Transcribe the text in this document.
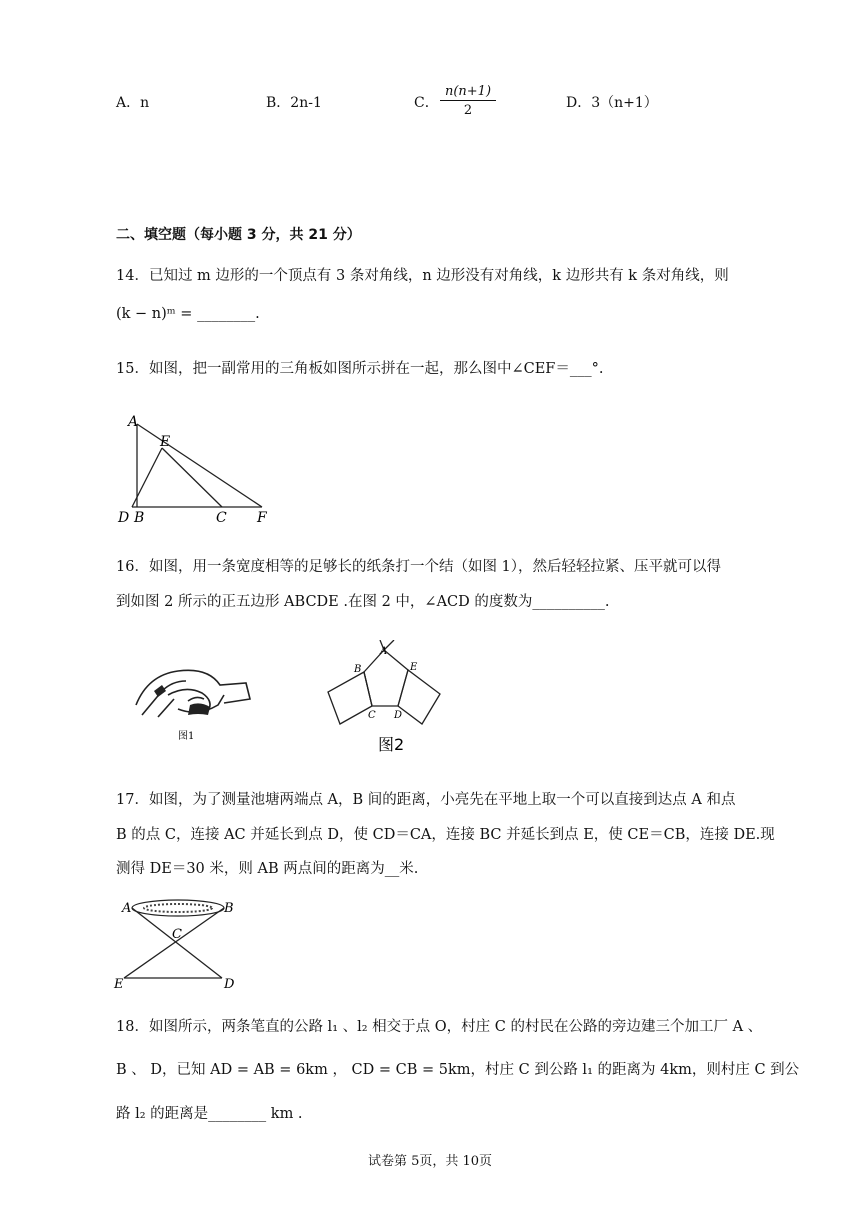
A．n	B．2n-1	C． $\frac{n(n+1)}{2}$	D．3（n+1）
二、填空题（每小题 3 分，共 21 分）
14．已知过 m 边形的一个顶点有 3 条对角线，n 边形没有对角线，k 边形共有 k 条对角线，则
(k − n)ᵐ = ________.
15．如图，把一副常用的三角板如图所示拼在一起，那么图中∠CEF＝___°.
A
E
D B	C F
16．如图，用一条宽度相等的足够长的纸条打一个结（如图 1），然后轻轻拉紧、压平就可以得
到如图 2 所示的正五边形 ABCDE .在图 2 中，∠ACD 的度数为__________.
图1
A
B	E
C D
图2
17．如图，为了测量池塘两端点 A，B 间的距离，小亮先在平地上取一个可以直接到达点 A 和点
B 的点 C，连接 AC 并延长到点 D，使 CD＝CA，连接 BC 并延长到点 E，使 CE＝CB，连接 DE.现
测得 DE＝30 米，则 AB 两点间的距离为__米.
A	B
C
E	D
18．如图所示，两条笔直的公路 l₁ 、l₂ 相交于点 O，村庄 C 的村民在公路的旁边建三个加工厂 A 、
B 、 D，已知 AD = AB = 6km ， CD = CB = 5km，村庄 C 到公路 l₁ 的距离为 4km，则村庄 C 到公
路 l₂ 的距离是________ km .
试卷第 5页，共 10页
